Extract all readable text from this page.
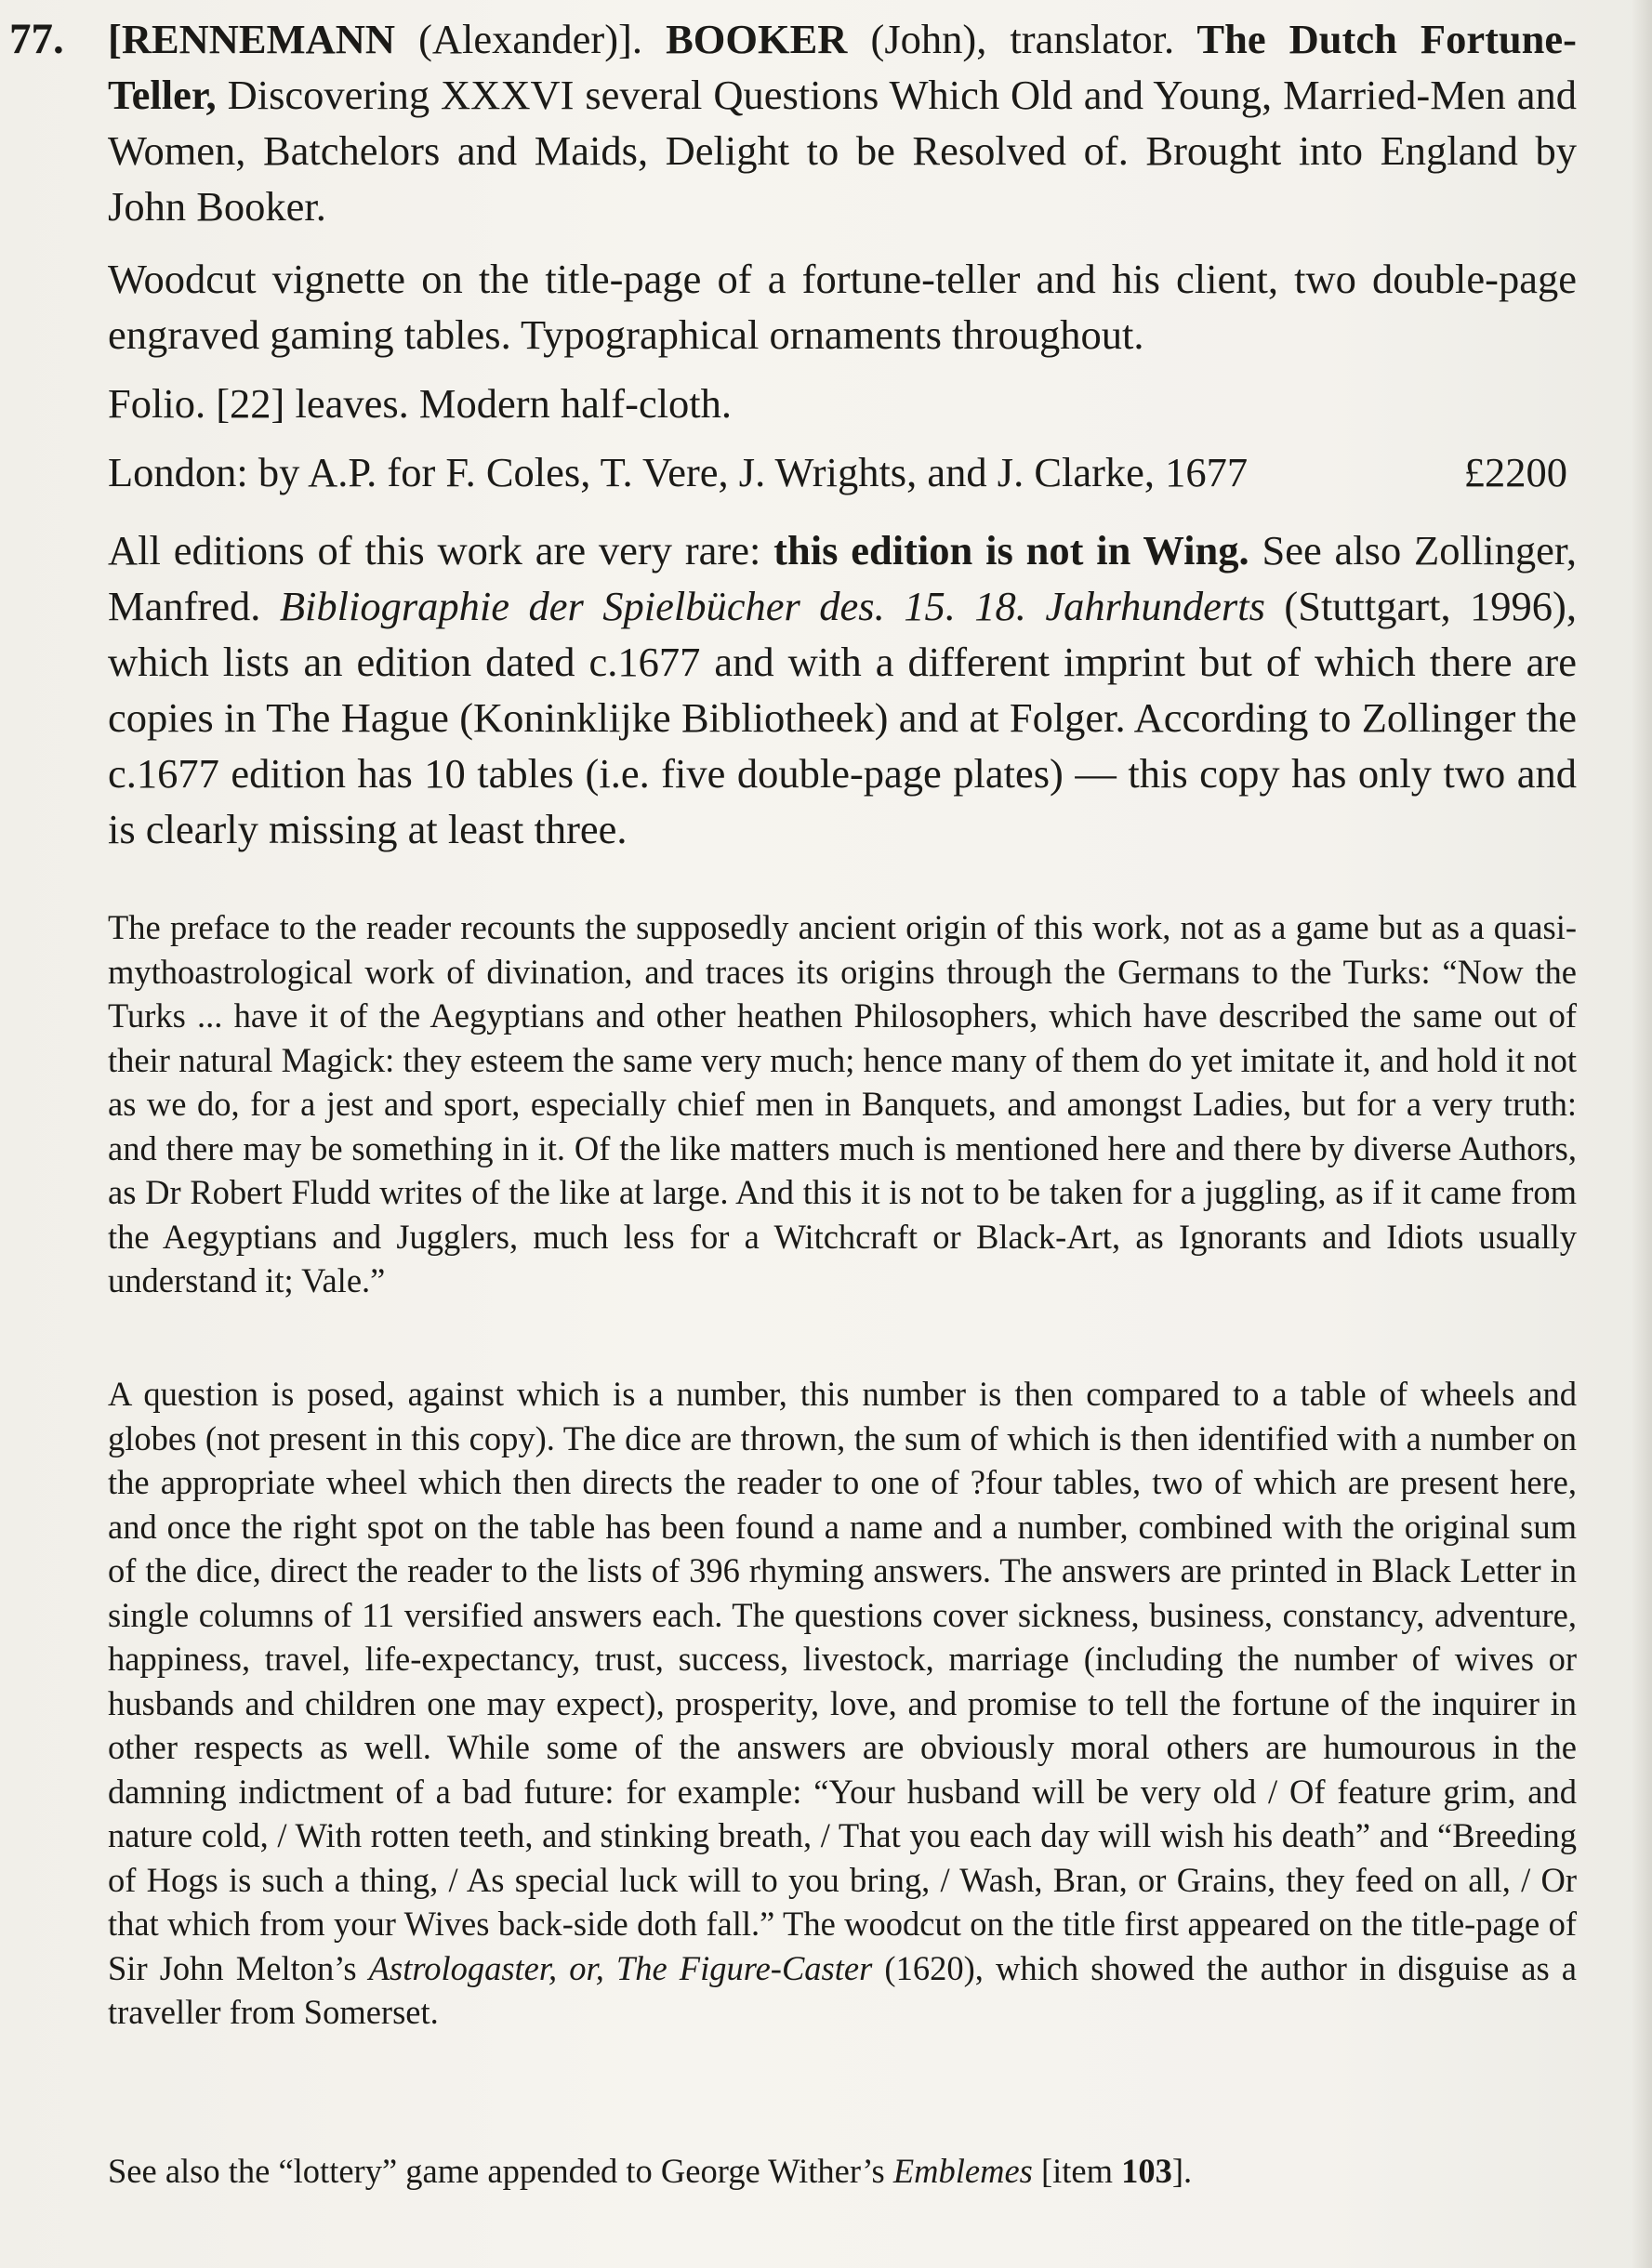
77. [RENNEMANN (Alexander)]. BOOKER (John), translator. The Dutch Fortune-Teller, Discovering XXXVI several Questions Which Old and Young, Married-Men and Women, Batchelors and Maids, Delight to be Resolved of. Brought into England by John Booker.

Woodcut vignette on the title-page of a fortune-teller and his client, two double-page engraved gaming tables. Typographical ornaments throughout.

Folio. [22] leaves. Modern half-cloth.

£2200
London: by A.P. for F. Coles, T. Vere, J. Wrights, and J. Clarke, 1677

All editions of this work are very rare: this edition is not in Wing. See also Zollinger, Manfred. Bibliographie der Spielbücher des. 15. 18. Jahrhunderts (Stuttgart, 1996), which lists an edition dated c.1677 and with a different imprint but of which there are copies in The Hague (Koninklijke Bibliotheek) and at Folger. According to Zollinger the c.1677 edition has 10 tables (i.e. five double-page plates) — this copy has only two and is clearly missing at least three.

The preface to the reader recounts the supposedly ancient origin of this work, not as a game but as a quasi-mythoastrological work of divination, and traces its origins through the Germans to the Turks: “Now the Turks ... have it of the Aegyptians and other heathen Philosophers, which have described the same out of their natural Magick: they esteem the same very much; hence many of them do yet imitate it, and hold it not as we do, for a jest and sport, especially chief men in Banquets, and amongst Ladies, but for a very truth: and there may be something in it. Of the like matters much is mentioned here and there by diverse Authors, as Dr Robert Fludd writes of the like at large. And this it is not to be taken for a juggling, as if it came from the Aegyptians and Jugglers, much less for a Witchcraft or Black-Art, as Ignorants and Idiots usually understand it; Vale.”

A question is posed, against which is a number, this number is then compared to a table of wheels and globes (not present in this copy). The dice are thrown, the sum of which is then identified with a number on the appropriate wheel which then directs the reader to one of ?four tables, two of which are present here, and once the right spot on the table has been found a name and a number, combined with the original sum of the dice, direct the reader to the lists of 396 rhyming answers. The answers are printed in Black Letter in single columns of 11 versified answers each. The questions cover sickness, business, constancy, adventure, happiness, travel, life-expectancy, trust, success, livestock, marriage (including the number of wives or husbands and children one may expect), prosperity, love, and promise to tell the fortune of the inquirer in other respects as well. While some of the answers are obviously moral others are humourous in the damning indictment of a bad future: for example: “Your husband will be very old / Of feature grim, and nature cold, / With rotten teeth, and stinking breath, / That you each day will wish his death” and “Breeding of Hogs is such a thing, / As special luck will to you bring, / Wash, Bran, or Grains, they feed on all, / Or that which from your Wives back-side doth fall.” The woodcut on the title first appeared on the title-page of Sir John Melton’s Astrologaster, or, The Figure-Caster (1620), which showed the author in disguise as a traveller from Somerset.

See also the “lottery” game appended to George Wither’s Emblemes [item 103].
